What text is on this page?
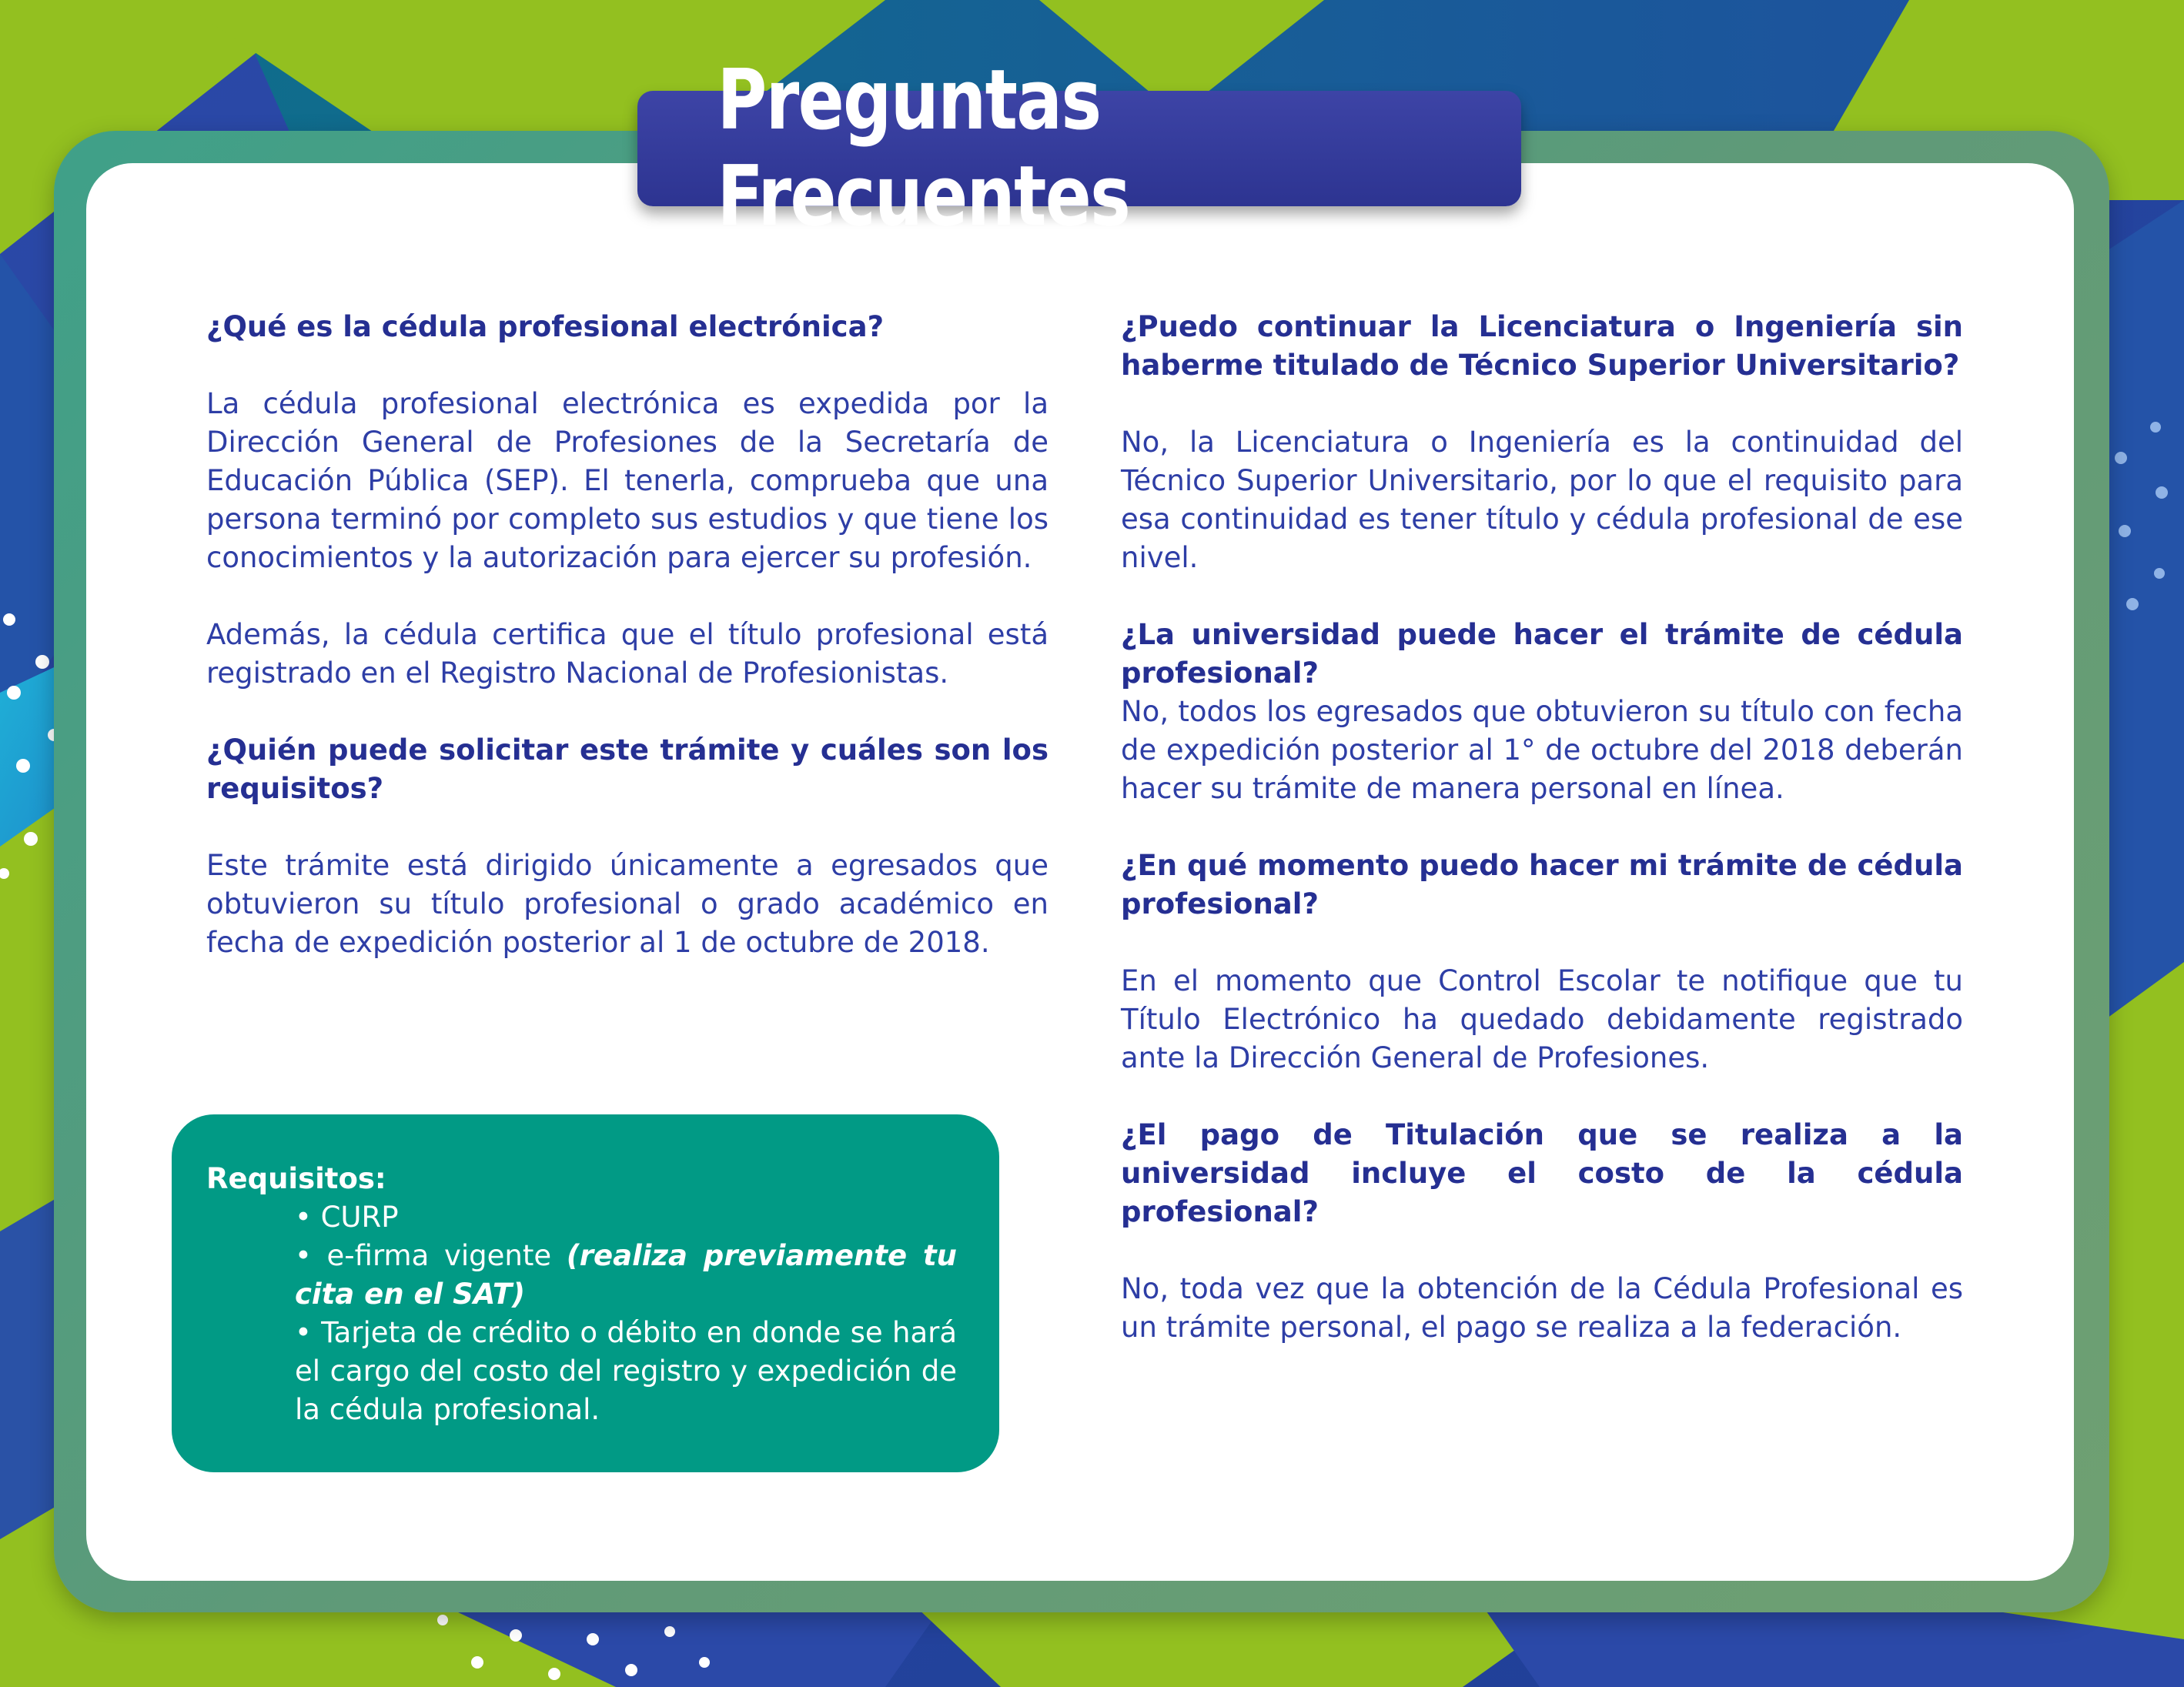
Preguntas Frecuentes

¿Qué es la cédula profesional electrónica?

La cédula profesional electrónica es expedida por la Dirección General de Profesiones de la Secretaría de Educación Pública (SEP). El tenerla, comprueba que una persona terminó por completo sus estudios y que tiene los conocimientos y la autorización para ejercer su profesión.

Además, la cédula certifica que el título profesional está registrado en el Registro Nacional de Profesionistas.

¿Quién puede solicitar este trámite y cuáles son los requisitos?

Este trámite está dirigido únicamente a egresados que obtuvieron su título profesional o grado académico en fecha de expedición posterior al 1 de octubre de 2018.

Requisitos:

• CURP
• e-firma vigente (realiza previamente tu cita en el SAT)
• Tarjeta de crédito o débito en donde se hará el cargo del costo del registro y expedición de la cédula profesional.

¿Puedo continuar la Licenciatura o Ingeniería sin haberme titulado de Técnico Superior Universitario?

No, la Licenciatura o Ingeniería es la continuidad del Técnico Superior Universitario, por lo que el requisito para esa continuidad es tener título y cédula profesional de ese nivel.

¿La universidad puede hacer el trámite de cédula profesional?

No, todos los egresados que obtuvieron su título con fecha de expedición posterior al 1° de octubre del 2018 deberán hacer su trámite de manera personal en línea.

¿En qué momento puedo hacer mi trámite de cédula profesional?

En el momento que Control Escolar te notifique que tu Título Electrónico ha quedado debidamente registrado ante la Dirección General de Profesiones.

¿El pago de Titulación que se realiza a la universidad incluye el costo de la cédula profesional?

No, toda vez que la obtención de la Cédula Profesional es un trámite personal, el pago se realiza a la federación.
